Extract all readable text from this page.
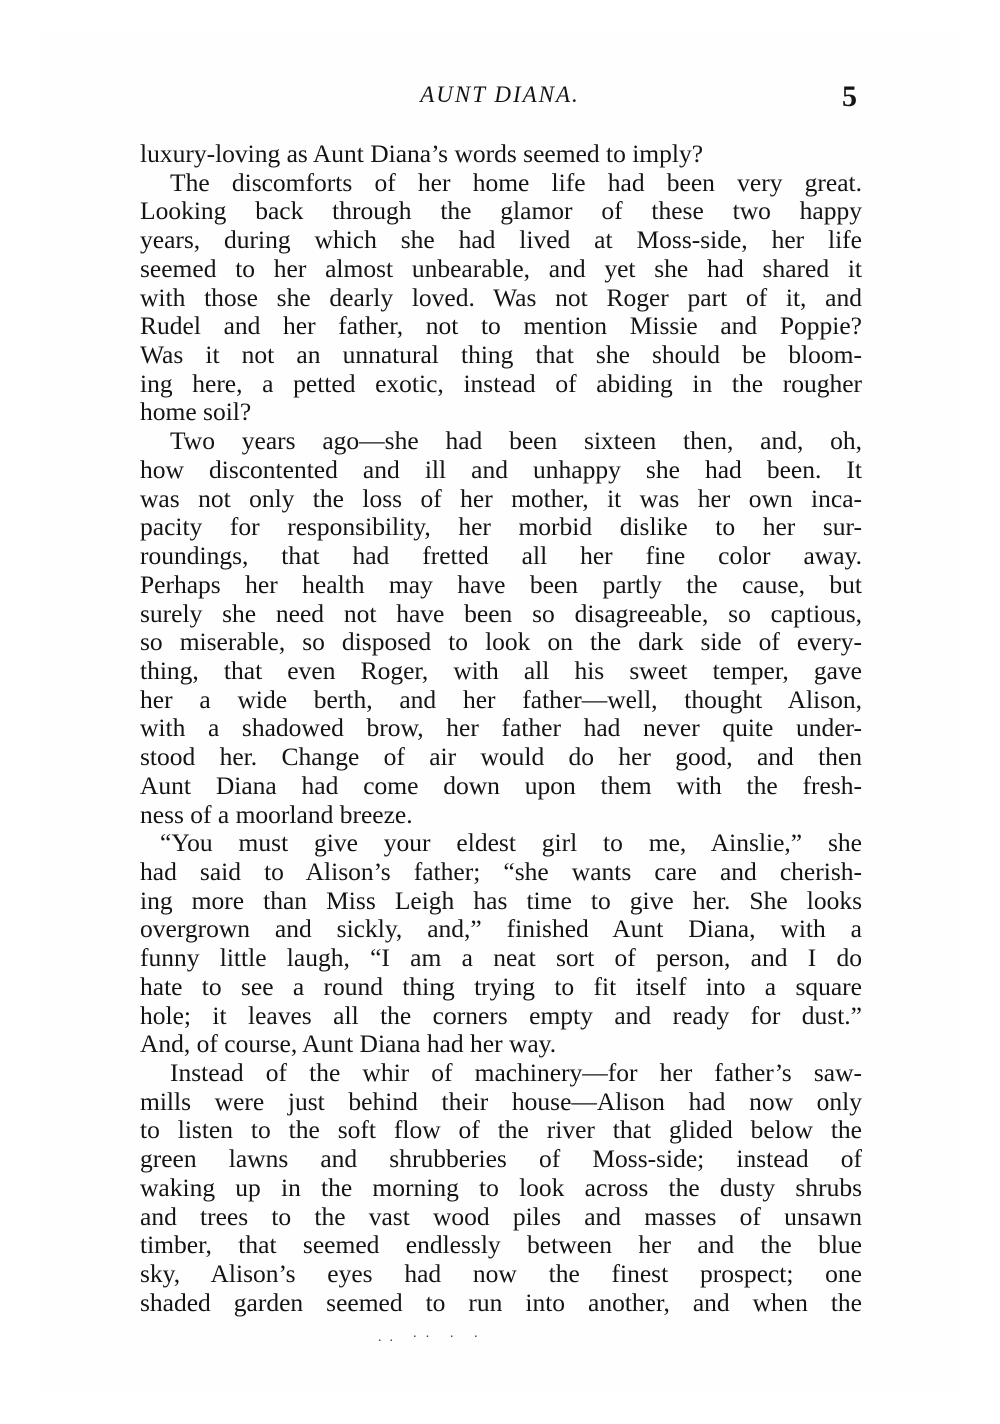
AUNT DIANA.	5
luxury-loving as Aunt Diana’s words seemed to imply?
The discomforts of her home life had been very great.
Looking back through the glamor of these two happy
years, during which she had lived at Moss-side, her life
seemed to her almost unbearable, and yet she had shared it
with those she dearly loved. Was not Roger part of it, and
Rudel and her father, not to mention Missie and Poppie?
Was it not an unnatural thing that she should be bloom-
ing here, a petted exotic, instead of abiding in the rougher
home soil?
Two years ago—she had been sixteen then, and, oh,
how discontented and ill and unhappy she had been. It
was not only the loss of her mother, it was her own inca-
pacity for responsibility, her morbid dislike to her sur-
roundings, that had fretted all her fine color away.
Perhaps her health may have been partly the cause, but
surely she need not have been so disagreeable, so captious,
so miserable, so disposed to look on the dark side of every-
thing, that even Roger, with all his sweet temper, gave
her a wide berth, and her father—well, thought Alison,
with a shadowed brow, her father had never quite under-
stood her. Change of air would do her good, and then
Aunt Diana had come down upon them with the fresh-
ness of a moorland breeze.
“You must give your eldest girl to me, Ainslie,” she
had said to Alison’s father; “she wants care and cherish-
ing more than Miss Leigh has time to give her. She looks
overgrown and sickly, and,” finished Aunt Diana, with a
funny little laugh, “I am a neat sort of person, and I do
hate to see a round thing trying to fit itself into a square
hole; it leaves all the corners empty and ready for dust.”
And, of course, Aunt Diana had her way.
Instead of the whir of machinery—for her father’s saw-
mills were just behind their house—Alison had now only
to listen to the soft flow of the river that glided below the
green lawns and shrubberies of Moss-side; instead of
waking up in the morning to look across the dusty shrubs
and trees to the vast wood piles and masses of unsawn
timber, that seemed endlessly between her and the blue
sky, Alison’s eyes had now the finest prospect; one
shaded garden seemed to run into another, and when the
.. ·· · ·
